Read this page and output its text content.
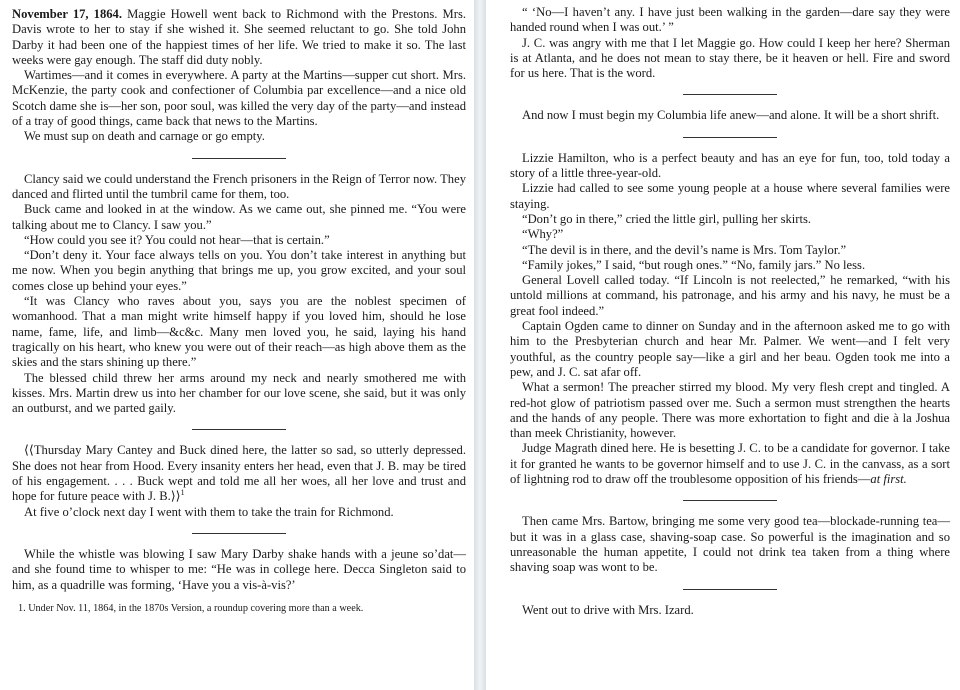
November 17, 1864. Maggie Howell went back to Richmond with the Prestons. Mrs. Davis wrote to her to stay if she wished it. She seemed reluctant to go. She told John Darby it had been one of the happiest times of her life. We tried to make it so. The last weeks were gay enough. The staff did duty nobly.

Wartimes—and it comes in everywhere. A party at the Martins—supper cut short. Mrs. McKenzie, the party cook and confectioner of Columbia par excellence—and a nice old Scotch dame she is—her son, poor soul, was killed the very day of the party—and instead of a tray of good things, came back that news to the Martins.

We must sup on death and carnage or go empty.

Clancy said we could understand the French prisoners in the Reign of Terror now. They danced and flirted until the tumbril came for them, too.

Buck came and looked in at the window. As we came out, she pinned me. “You were talking about me to Clancy. I saw you.”

“How could you see it? You could not hear—that is certain.”

“Don’t deny it. Your face always tells on you. You don’t take interest in anything but me now. When you begin anything that brings me up, you grow excited, and your soul comes close up behind your eyes.”

“It was Clancy who raves about you, says you are the noblest specimen of womanhood. That a man might write himself happy if you loved him, should he lose name, fame, life, and limb—&c&c. Many men loved you, he said, laying his hand tragically on his heart, who knew you were out of their reach—as high above them as the skies and the stars shining up there.”

The blessed child threw her arms around my neck and nearly smothered me with kisses. Mrs. Martin drew us into her chamber for our love scene, she said, but it was only an outburst, and we parted gaily.

⟨⟨Thursday Mary Cantey and Buck dined here, the latter so sad, so utterly depressed. She does not hear from Hood. Every insanity enters her head, even that J. B. may be tired of his engagement. . . . Buck wept and told me all her woes, all her love and trust and hope for future peace with J. B.⟩⟩$^1$

At five o’clock next day I went with them to take the train for Richmond.

While the whistle was blowing I saw Mary Darby shake hands with a jeune so’dat—and she found time to whisper to me: “He was in college here. Decca Singleton said to him, as a quadrille was forming, ‘Have you a vis-à-vis?’

1. Under Nov. 11, 1864, in the 1870s Version, a roundup covering more than a week.

“ ‘No—I haven’t any. I have just been walking in the garden—dare say they were handed round when I was out.’ ”

J. C. was angry with me that I let Maggie go. How could I keep her here? Sherman is at Atlanta, and he does not mean to stay there, be it heaven or hell. Fire and sword for us here. That is the word.

And now I must begin my Columbia life anew—and alone. It will be a short shrift.

Lizzie Hamilton, who is a perfect beauty and has an eye for fun, too, told today a story of a little three-year-old.

Lizzie had called to see some young people at a house where several families were staying.

“Don’t go in there,” cried the little girl, pulling her skirts.

“Why?”

“The devil is in there, and the devil’s name is Mrs. Tom Taylor.”

“Family jokes,” I said, “but rough ones.” “No, family jars.” No less.

General Lovell called today. “If Lincoln is not reelected,” he remarked, “with his untold millions at command, his patronage, and his army and his navy, he must be a great fool indeed.”

Captain Ogden came to dinner on Sunday and in the afternoon asked me to go with him to the Presbyterian church and hear Mr. Palmer. We went—and I felt very youthful, as the country people say—like a girl and her beau. Ogden took me into a pew, and J. C. sat afar off.

What a sermon! The preacher stirred my blood. My very flesh crept and tingled. A red-hot glow of patriotism passed over me. Such a sermon must strengthen the hearts and the hands of any people. There was more exhortation to fight and die à la Joshua than meek Christianity, however.

Judge Magrath dined here. He is besetting J. C. to be a candidate for governor. I take it for granted he wants to be governor himself and to use J. C. in the canvass, as a sort of lightning rod to draw off the troublesome opposition of his friends—at first.

Then came Mrs. Bartow, bringing me some very good tea—blockade-running tea—but it was in a glass case, shaving-soap case. So powerful is the imagination and so unreasonable the human appetite, I could not drink tea taken from a thing where shaving soap was wont to be.

Went out to drive with Mrs. Izard.
